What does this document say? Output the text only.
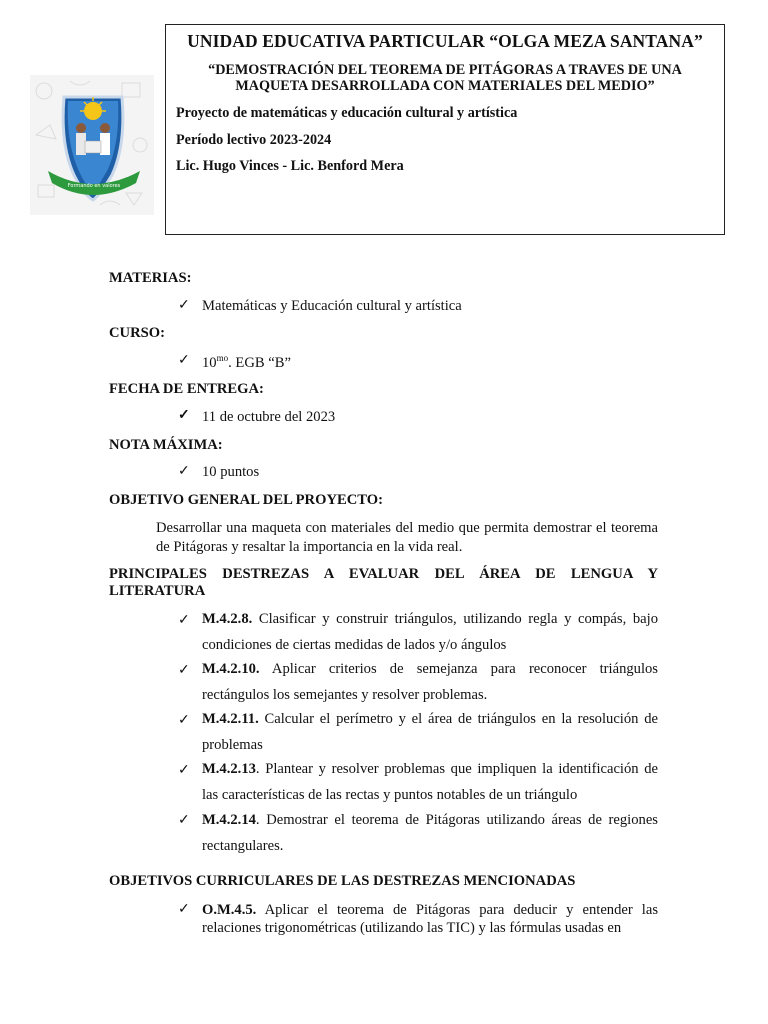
Formando en valores
UNIDAD EDUCATIVA PARTICULAR “OLGA MEZA SANTANA”
“DEMOSTRACIÓN DEL TEOREMA DE PITÁGORAS A TRAVES DE UNA MAQUETA DESARROLLADA CON MATERIALES DEL MEDIO”
Proyecto de matemáticas y educación cultural y artística
Período lectivo 2023-2024
Lic. Hugo Vinces - Lic. Benford Mera
MATERIAS:
✓ Matemáticas y Educación cultural y artística
CURSO:
✓ $10^{mo}$. EGB “B”
FECHA DE ENTREGA:
✓ 11 de octubre del 2023
NOTA MÁXIMA:
✓ 10 puntos
OBJETIVO GENERAL DEL PROYECTO:
Desarrollar una maqueta con materiales del medio que permita demostrar el teorema de Pitágoras y resaltar la importancia en la vida real.
PRINCIPALES DESTREZAS A EVALUAR DEL ÁREA DE LENGUA Y
LITERATURA
✓ M.4.2.8. Clasificar y construir triángulos, utilizando regla y compás, bajo condiciones de ciertas medidas de lados y/o ángulos
✓ M.4.2.10. Aplicar criterios de semejanza para reconocer triángulos rectángulos los semejantes y resolver problemas.
✓ M.4.2.11. Calcular el perímetro y el área de triángulos en la resolución de problemas
✓ M.4.2.13. Plantear y resolver problemas que impliquen la identificación de las características de las rectas y puntos notables de un triángulo
✓ M.4.2.14. Demostrar el teorema de Pitágoras utilizando áreas de regiones rectangulares.
OBJETIVOS CURRICULARES DE LAS DESTREZAS MENCIONADAS
✓ O.M.4.5. Aplicar el teorema de Pitágoras para deducir y entender las relaciones trigonométricas (utilizando las TIC) y las fórmulas usadas en
